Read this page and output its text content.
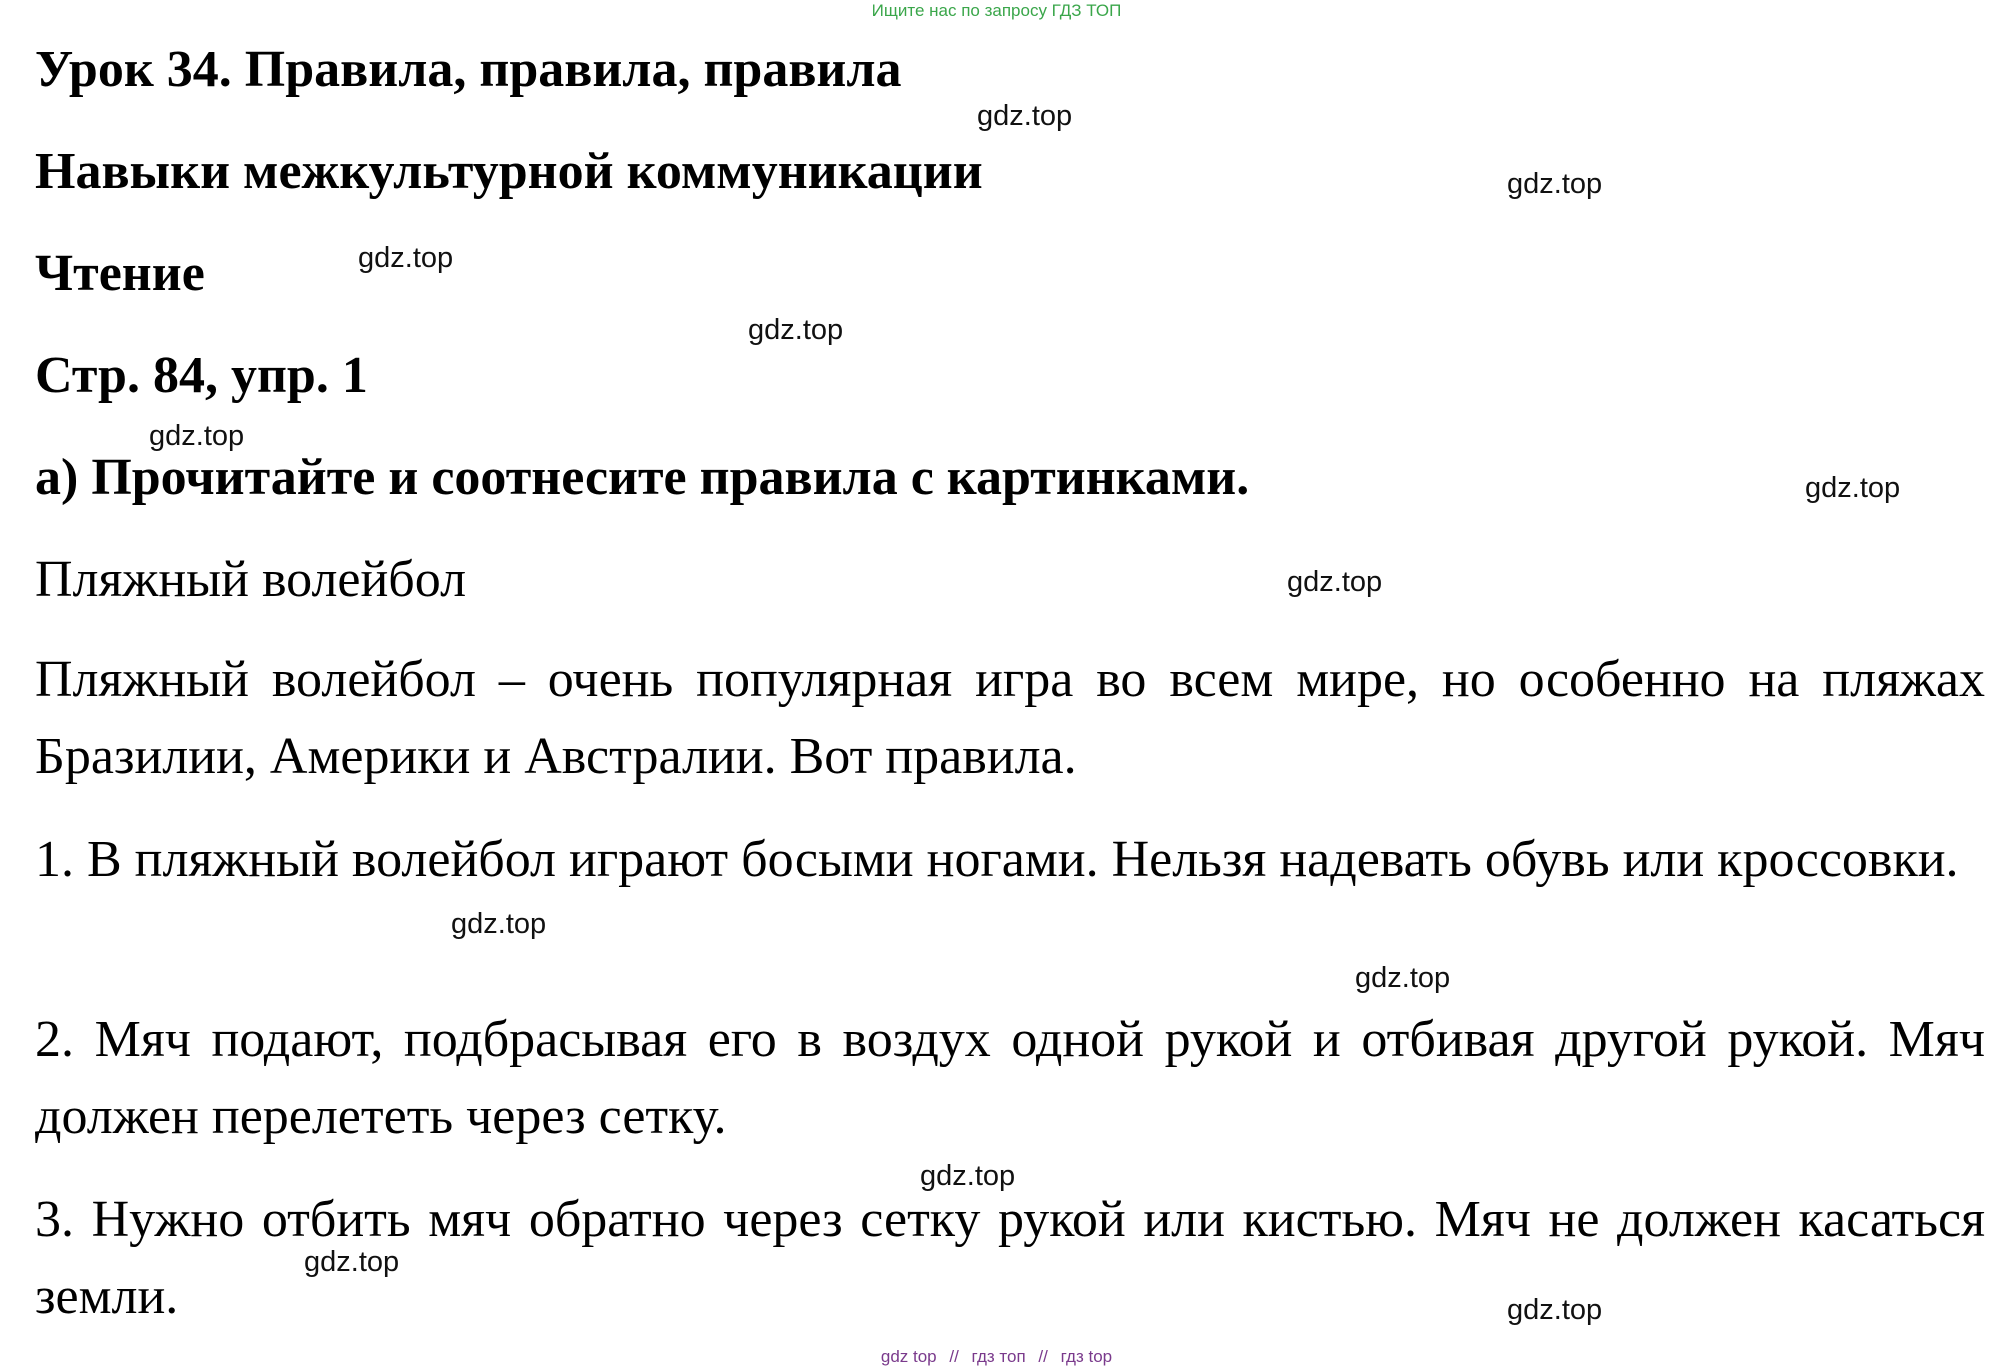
Ищите нас по запросу ГДЗ ТОП
Урок 34. Правила, правила, правила
Навыки межкультурной коммуникации
Чтение
Стр. 84, упр. 1
а) Прочитайте и соотнесите правила с картинками.
Пляжный волейбол
Пляжный волейбол – очень популярная игра во всем мире, но особенно на пляжах Бразилии, Америки и Австралии. Вот правила.
1. В пляжный волейбол играют босыми ногами. Нельзя надевать обувь или кроссовки.
2. Мяч подают, подбрасывая его в воздух одной рукой и отбивая другой рукой. Мяч должен перелететь через сетку.
3. Нужно отбить мяч обратно через сетку рукой или кистью. Мяч не должен касаться земли.
gdz.top
gdz.top
gdz.top
gdz.top
gdz.top
gdz.top
gdz.top
gdz.top
gdz.top
gdz.top
gdz.top
gdz.top
gdz top // гдз топ // гдз top
